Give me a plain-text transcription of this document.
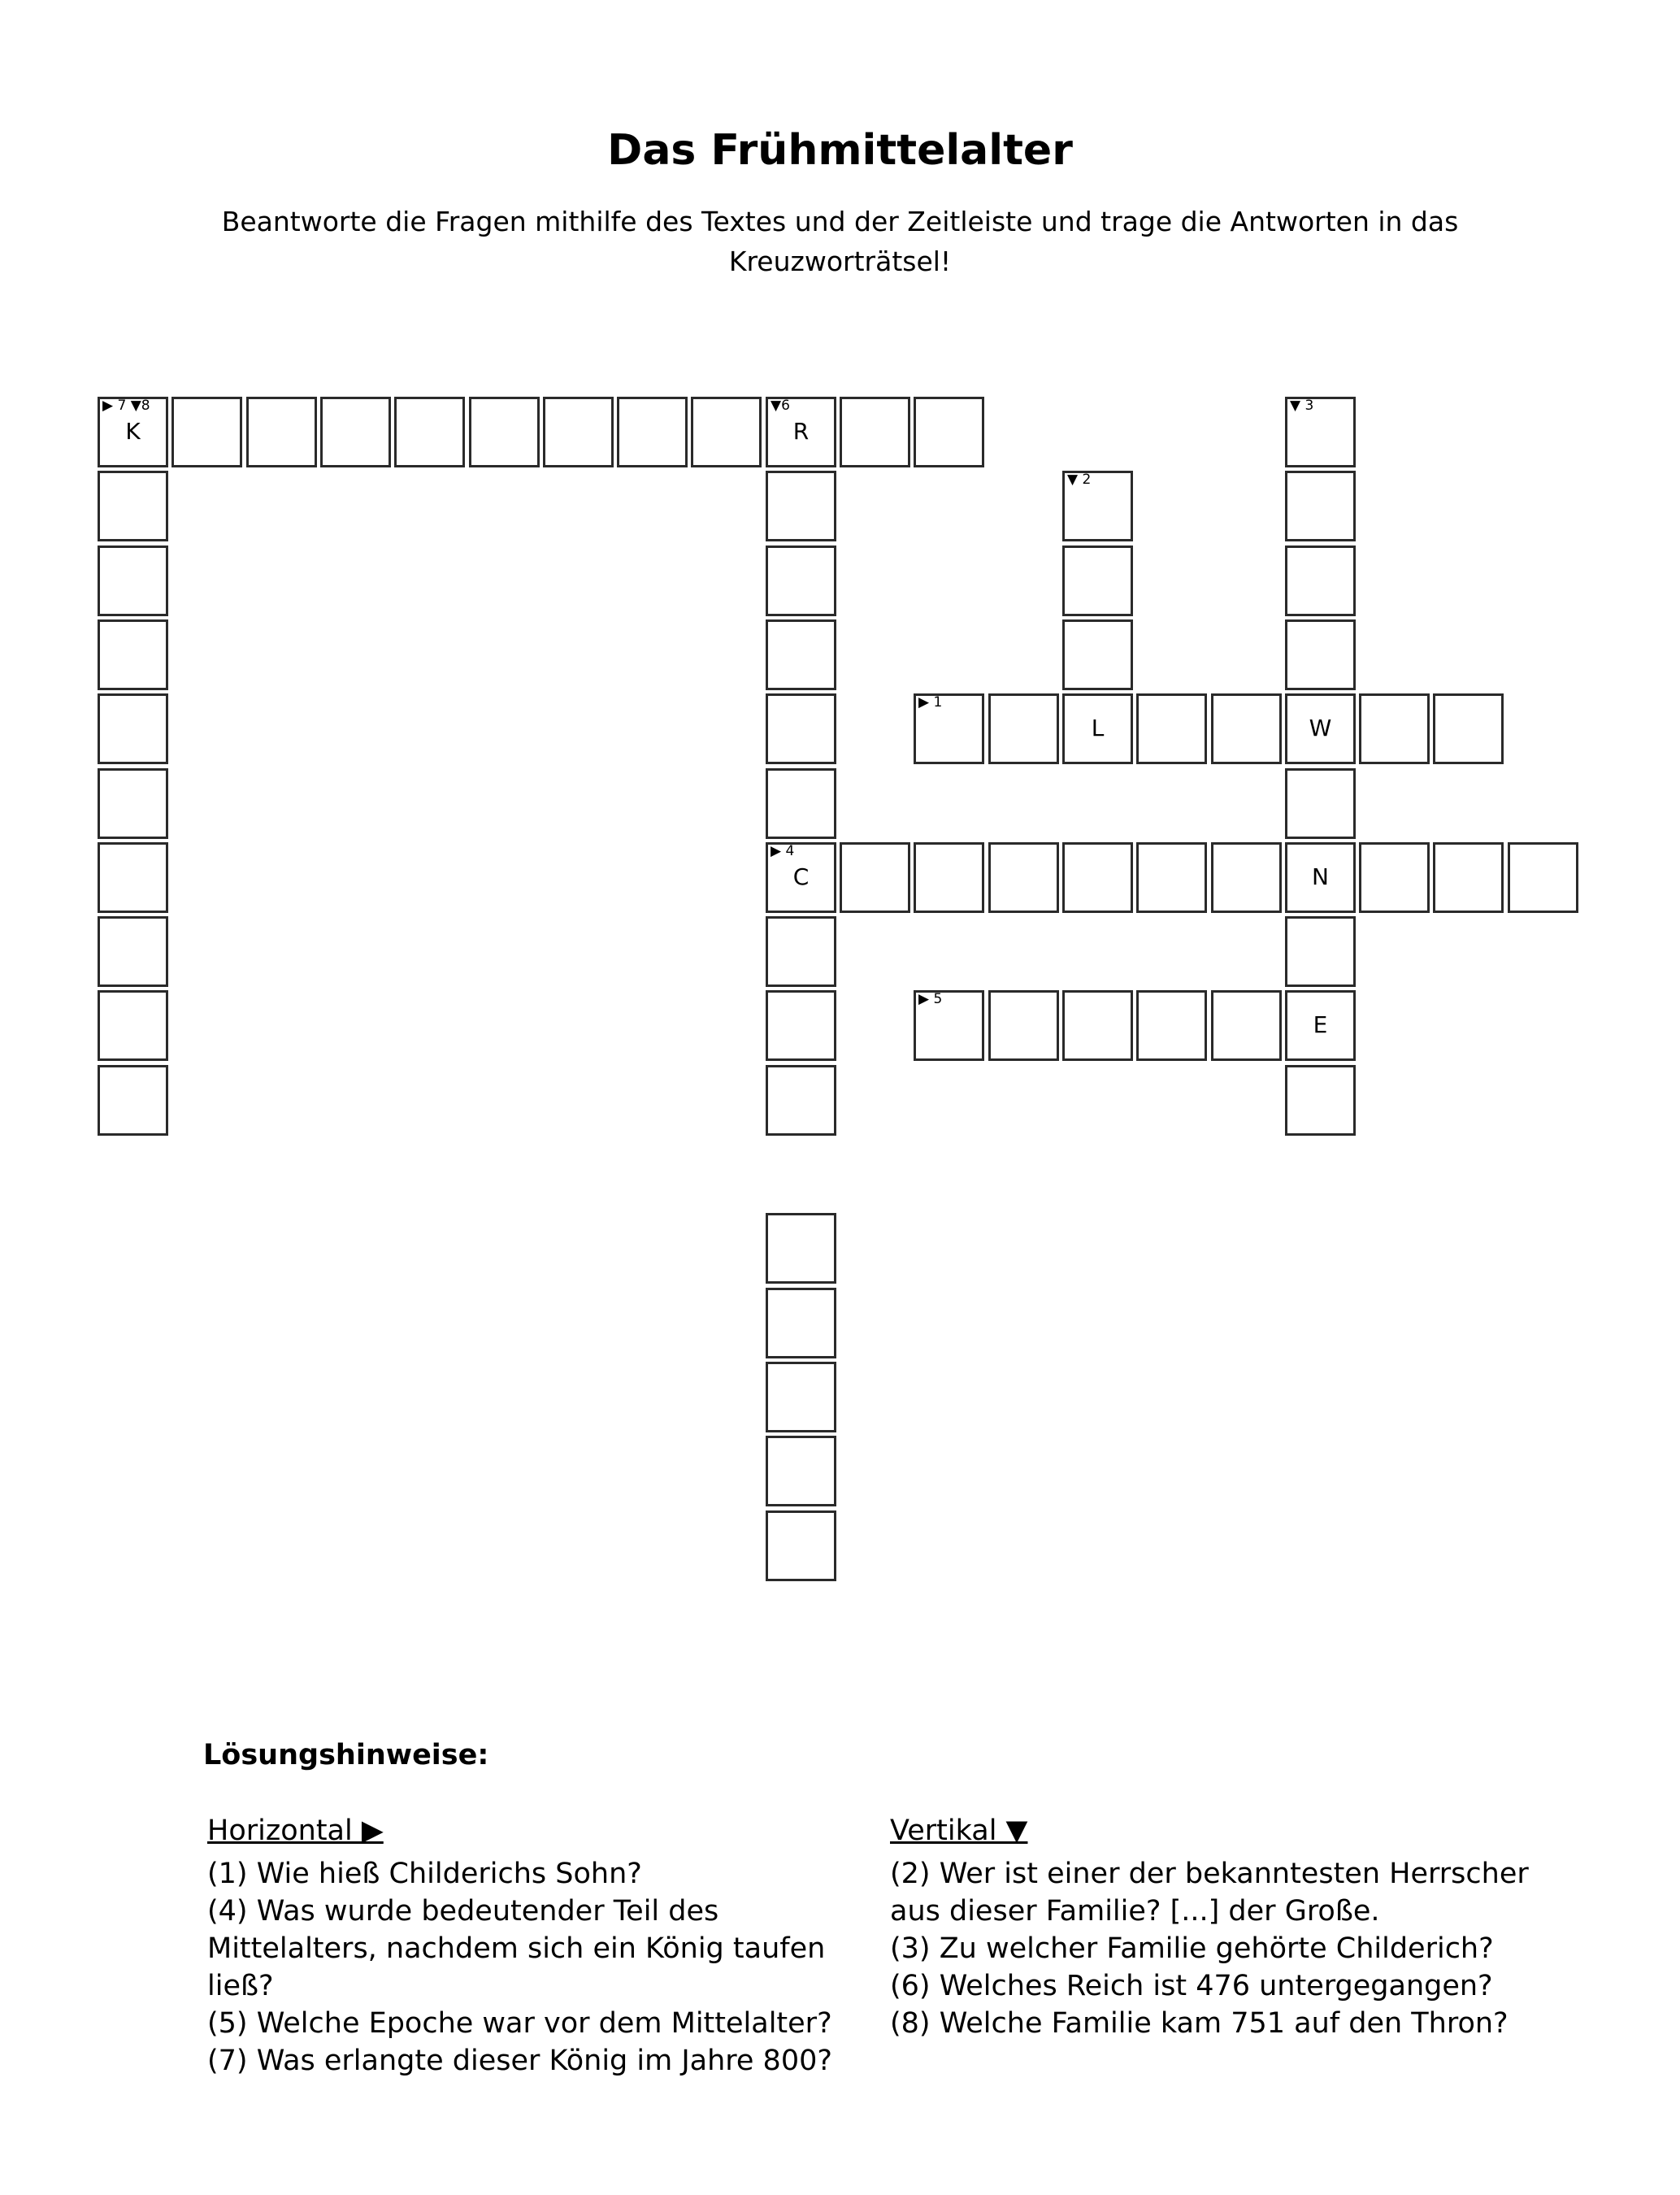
Das Frühmittelalter
Beantworte die Fragen mithilfe des Textes und der Zeitleiste und trage die Antworten in das Kreuzworträtsel!
▶ 7 ▼8
K
▼6
R
▶ 4
C
▼ 3
W
N
E
▼ 2
L
▶ 1
▶ 5
Lösungshinweise:
Horizontal ▶
(1) Wie hieß Childerichs Sohn?
(4) Was wurde bedeutender Teil des Mittelalters, nachdem sich ein König taufen ließ?
(5) Welche Epoche war vor dem Mittelalter?
(7) Was erlangte dieser König im Jahre 800?
Vertikal ▼
(2) Wer ist einer der bekanntesten Herrscher aus dieser Familie? [...] der Große.
(3) Zu welcher Familie gehörte Childerich?
(6) Welches Reich ist 476 untergegangen?
(8) Welche Familie kam 751 auf den Thron?
